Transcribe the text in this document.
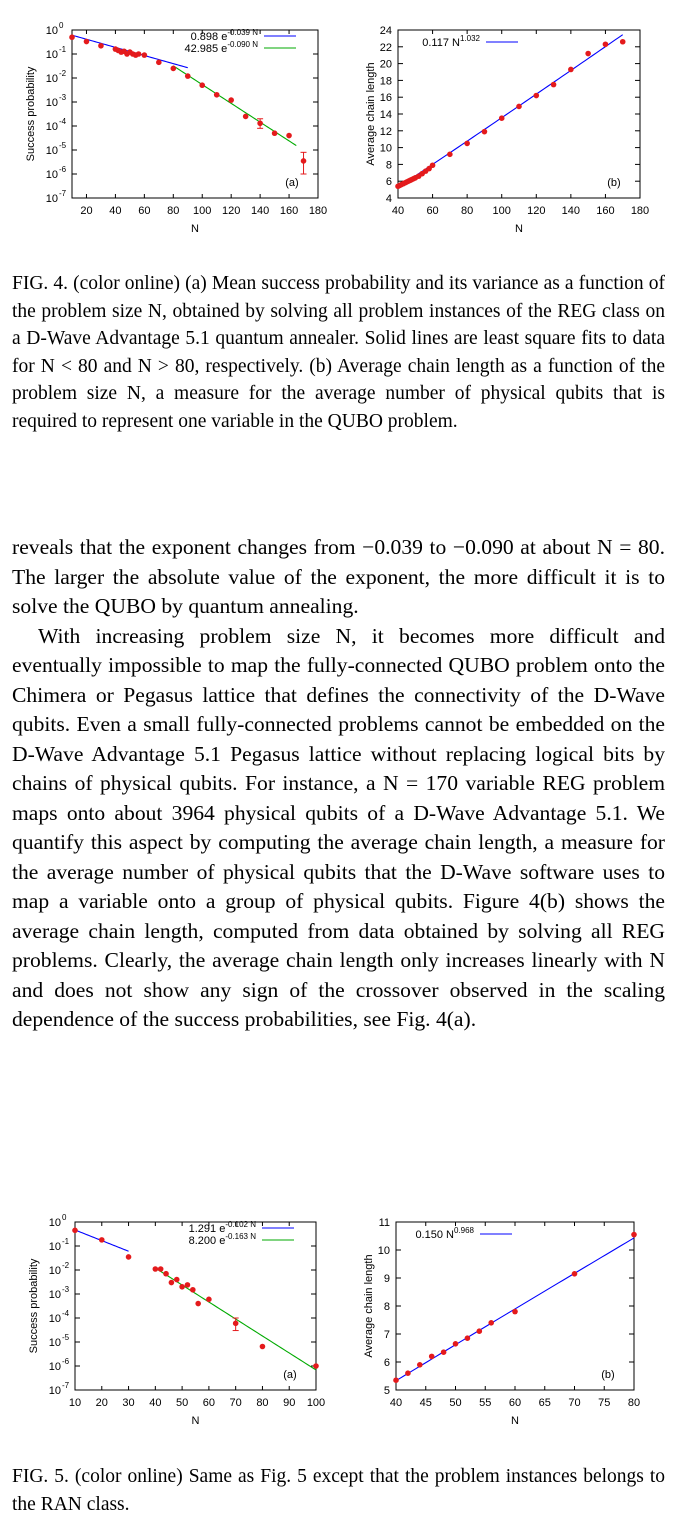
20 40 60 80 100 120 140 160 180
N
10 0
10 -1
10 -2
10 -3
10 -4
10 -5
10 -6
10 -7
Success probability
0.898 $e^{-0.039 N}$
42.985 $e^{-0.090 N}$
(a)
40 60 80 100 120 140 160 180
N
4
6
8
10
12
14
16
18
20
22
24
Average chain length
0.117 $N^{1.032}$
(b)

FIG. 4. (color online) (a) Mean success probability and its variance as a function of the problem size N, obtained by solving all problem instances of the REG class on a D-Wave Advantage 5.1 quantum annealer. Solid lines are least square fits to data for N < 80 and N > 80, respectively. (b) Average chain length as a function of the problem size N, a measure for the average number of physical qubits that is required to represent one variable in the QUBO problem.

reveals that the exponent changes from −0.039 to −0.090 at about N = 80. The larger the absolute value of the exponent, the more difficult it is to solve the QUBO by quantum annealing.

With increasing problem size N, it becomes more difficult and eventually impossible to map the fully-connected QUBO problem onto the Chimera or Pegasus lattice that defines the connectivity of the D-Wave qubits. Even a small fully-connected problems cannot be embedded on the D-Wave Advantage 5.1 Pegasus lattice without replacing logical bits by chains of physical qubits. For instance, a N = 170 variable REG problem maps onto about 3964 physical qubits of a D-Wave Advantage 5.1. We quantify this aspect by computing the average chain length, a measure for the average number of physical qubits that the D-Wave software uses to map a variable onto a group of physical qubits. Figure 4(b) shows the average chain length, computed from data obtained by solving all REG problems. Clearly, the average chain length only increases linearly with N and does not show any sign of the crossover observed in the scaling dependence of the success probabilities, see Fig. 4(a).

10 20 30 40 50 60 70 80 90 100
N
10 0
10 -1
10 -2
10 -3
10 -4
10 -5
10 -6
10 -7
Success probability
1.291 $e^{-0.102 N}$
8.200 $e^{-0.163 N}$
(a)
40 45 50 55 60 65 70 75 80
N
5
6
7
8
9
10
11
Average chain length
0.150 $N^{0.968}$
(b)

FIG. 5. (color online) Same as Fig. 5 except that the problem instances belongs to the RAN class.
